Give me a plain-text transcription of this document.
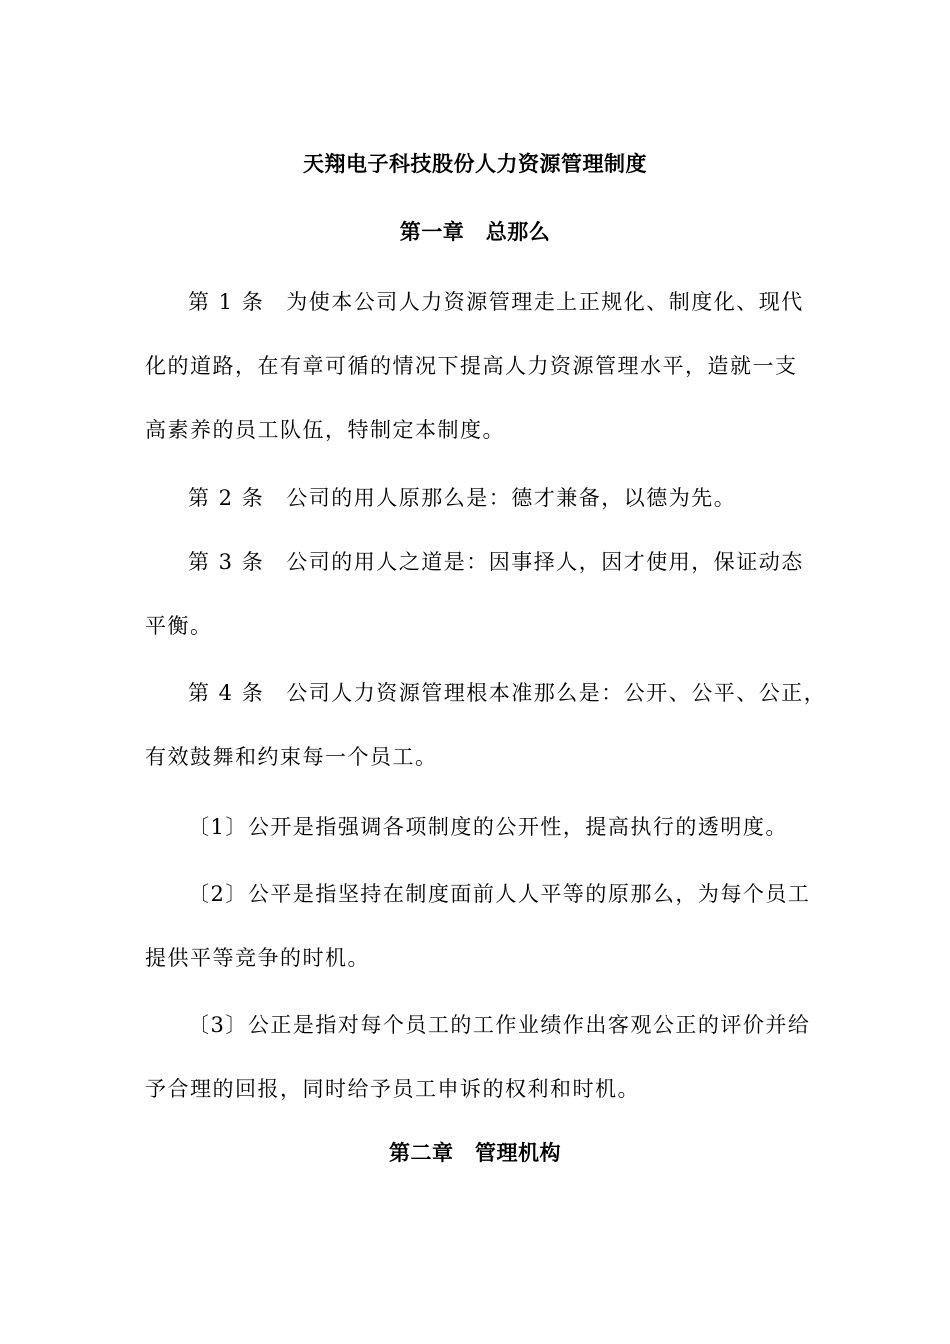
天翔电子科技股份人力资源管理制度
第一章　总那么
第 1 条 为使本公司人力资源管理走上正规化、制度化、现代
化的道路，在有章可循的情况下提高人力资源管理水平，造就一支
高素养的员工队伍，特制定本制度。
第 2 条 公司的用人原那么是：德才兼备，以德为先。
第 3 条 公司的用人之道是：因事择人，因才使用，保证动态
平衡。
第 4 条 公司人力资源管理根本准那么是：公开、公平、公正，
有效鼓舞和约束每一个员工。
〔1〕公开是指强调各项制度的公开性，提高执行的透明度。
〔2〕公平是指坚持在制度面前人人平等的原那么，为每个员工
提供平等竞争的时机。
〔3〕公正是指对每个员工的工作业绩作出客观公正的评价并给
予合理的回报，同时给予员工申诉的权利和时机。
第二章　管理机构
